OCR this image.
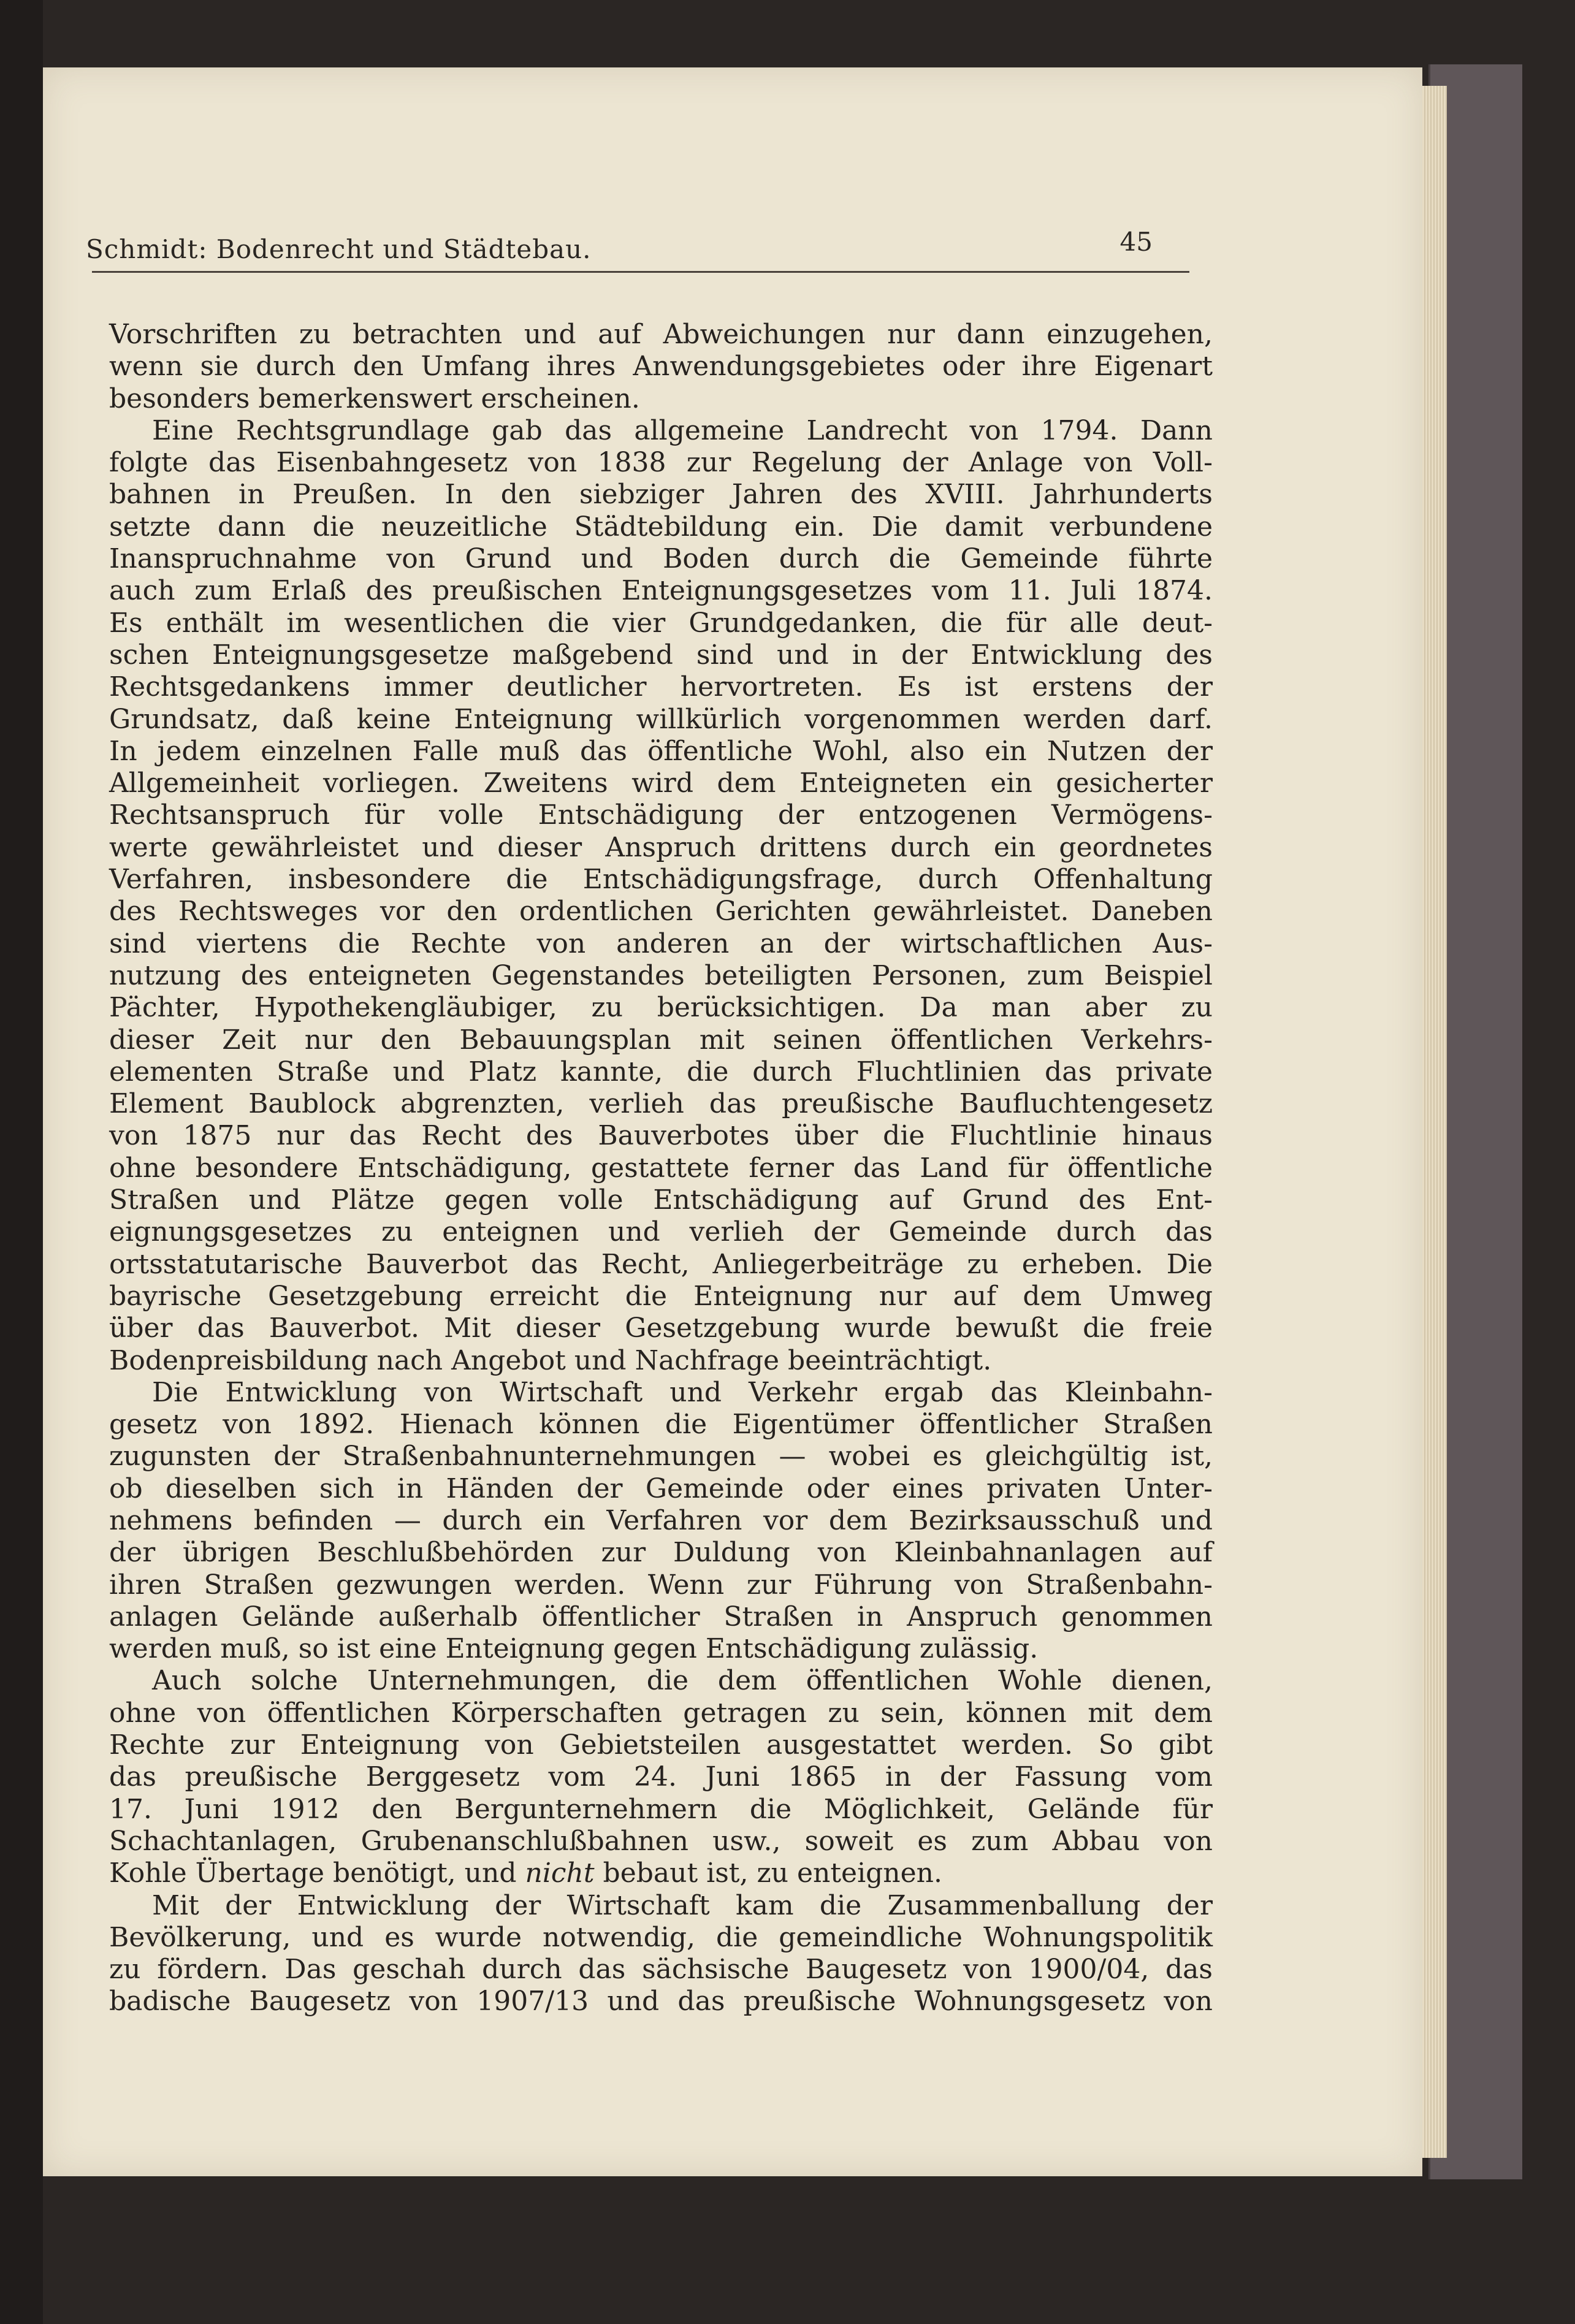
Schmidt: Bodenrecht und Städtebau.	45
Vorschriften zu betrachten und auf Abweichungen nur dann einzugehen,
wenn sie durch den Umfang ihres Anwendungsgebietes oder ihre Eigenart
besonders bemerkenswert erscheinen.
Eine Rechtsgrundlage gab das allgemeine Landrecht von 1794. Dann
folgte das Eisenbahngesetz von 1838 zur Regelung der Anlage von Voll-
bahnen in Preußen. In den siebziger Jahren des XVIII. Jahrhunderts
setzte dann die neuzeitliche Städtebildung ein. Die damit verbundene
Inanspruchnahme von Grund und Boden durch die Gemeinde führte
auch zum Erlaß des preußischen Enteignungsgesetzes vom 11. Juli 1874.
Es enthält im wesentlichen die vier Grundgedanken, die für alle deut-
schen Enteignungsgesetze maßgebend sind und in der Entwicklung des
Rechtsgedankens immer deutlicher hervortreten. Es ist erstens der
Grundsatz, daß keine Enteignung willkürlich vorgenommen werden darf.
In jedem einzelnen Falle muß das öffentliche Wohl, also ein Nutzen der
Allgemeinheit vorliegen. Zweitens wird dem Enteigneten ein gesicherter
Rechtsanspruch für volle Entschädigung der entzogenen Vermögens-
werte gewährleistet und dieser Anspruch drittens durch ein geordnetes
Verfahren, insbesondere die Entschädigungsfrage, durch Offenhaltung
des Rechtsweges vor den ordentlichen Gerichten gewährleistet. Daneben
sind viertens die Rechte von anderen an der wirtschaftlichen Aus-
nutzung des enteigneten Gegenstandes beteiligten Personen, zum Beispiel
Pächter, Hypothekengläubiger, zu berücksichtigen. Da man aber zu
dieser Zeit nur den Bebauungsplan mit seinen öffentlichen Verkehrs-
elementen Straße und Platz kannte, die durch Fluchtlinien das private
Element Baublock abgrenzten, verlieh das preußische Baufluchtengesetz
von 1875 nur das Recht des Bauverbotes über die Fluchtlinie hinaus
ohne besondere Entschädigung, gestattete ferner das Land für öffentliche
Straßen und Plätze gegen volle Entschädigung auf Grund des Ent-
eignungsgesetzes zu enteignen und verlieh der Gemeinde durch das
ortsstatutarische Bauverbot das Recht, Anliegerbeiträge zu erheben. Die
bayrische Gesetzgebung erreicht die Enteignung nur auf dem Umweg
über das Bauverbot. Mit dieser Gesetzgebung wurde bewußt die freie
Bodenpreisbildung nach Angebot und Nachfrage beeinträchtigt.
Die Entwicklung von Wirtschaft und Verkehr ergab das Kleinbahn-
gesetz von 1892. Hienach können die Eigentümer öffentlicher Straßen
zugunsten der Straßenbahnunternehmungen — wobei es gleichgültig ist,
ob dieselben sich in Händen der Gemeinde oder eines privaten Unter-
nehmens befinden — durch ein Verfahren vor dem Bezirksausschuß und
der übrigen Beschlußbehörden zur Duldung von Kleinbahnanlagen auf
ihren Straßen gezwungen werden. Wenn zur Führung von Straßenbahn-
anlagen Gelände außerhalb öffentlicher Straßen in Anspruch genommen
werden muß, so ist eine Enteignung gegen Entschädigung zulässig.
Auch solche Unternehmungen, die dem öffentlichen Wohle dienen,
ohne von öffentlichen Körperschaften getragen zu sein, können mit dem
Rechte zur Enteignung von Gebietsteilen ausgestattet werden. So gibt
das preußische Berggesetz vom 24. Juni 1865 in der Fassung vom
17. Juni 1912 den Bergunternehmern die Möglichkeit, Gelände für
Schachtanlagen, Grubenanschlußbahnen usw., soweit es zum Abbau von
Kohle Übertage benötigt, und nicht bebaut ist, zu enteignen.
Mit der Entwicklung der Wirtschaft kam die Zusammenballung der
Bevölkerung, und es wurde notwendig, die gemeindliche Wohnungspolitik
zu fördern. Das geschah durch das sächsische Baugesetz von 1900/04, das
badische Baugesetz von 1907/13 und das preußische Wohnungsgesetz von
